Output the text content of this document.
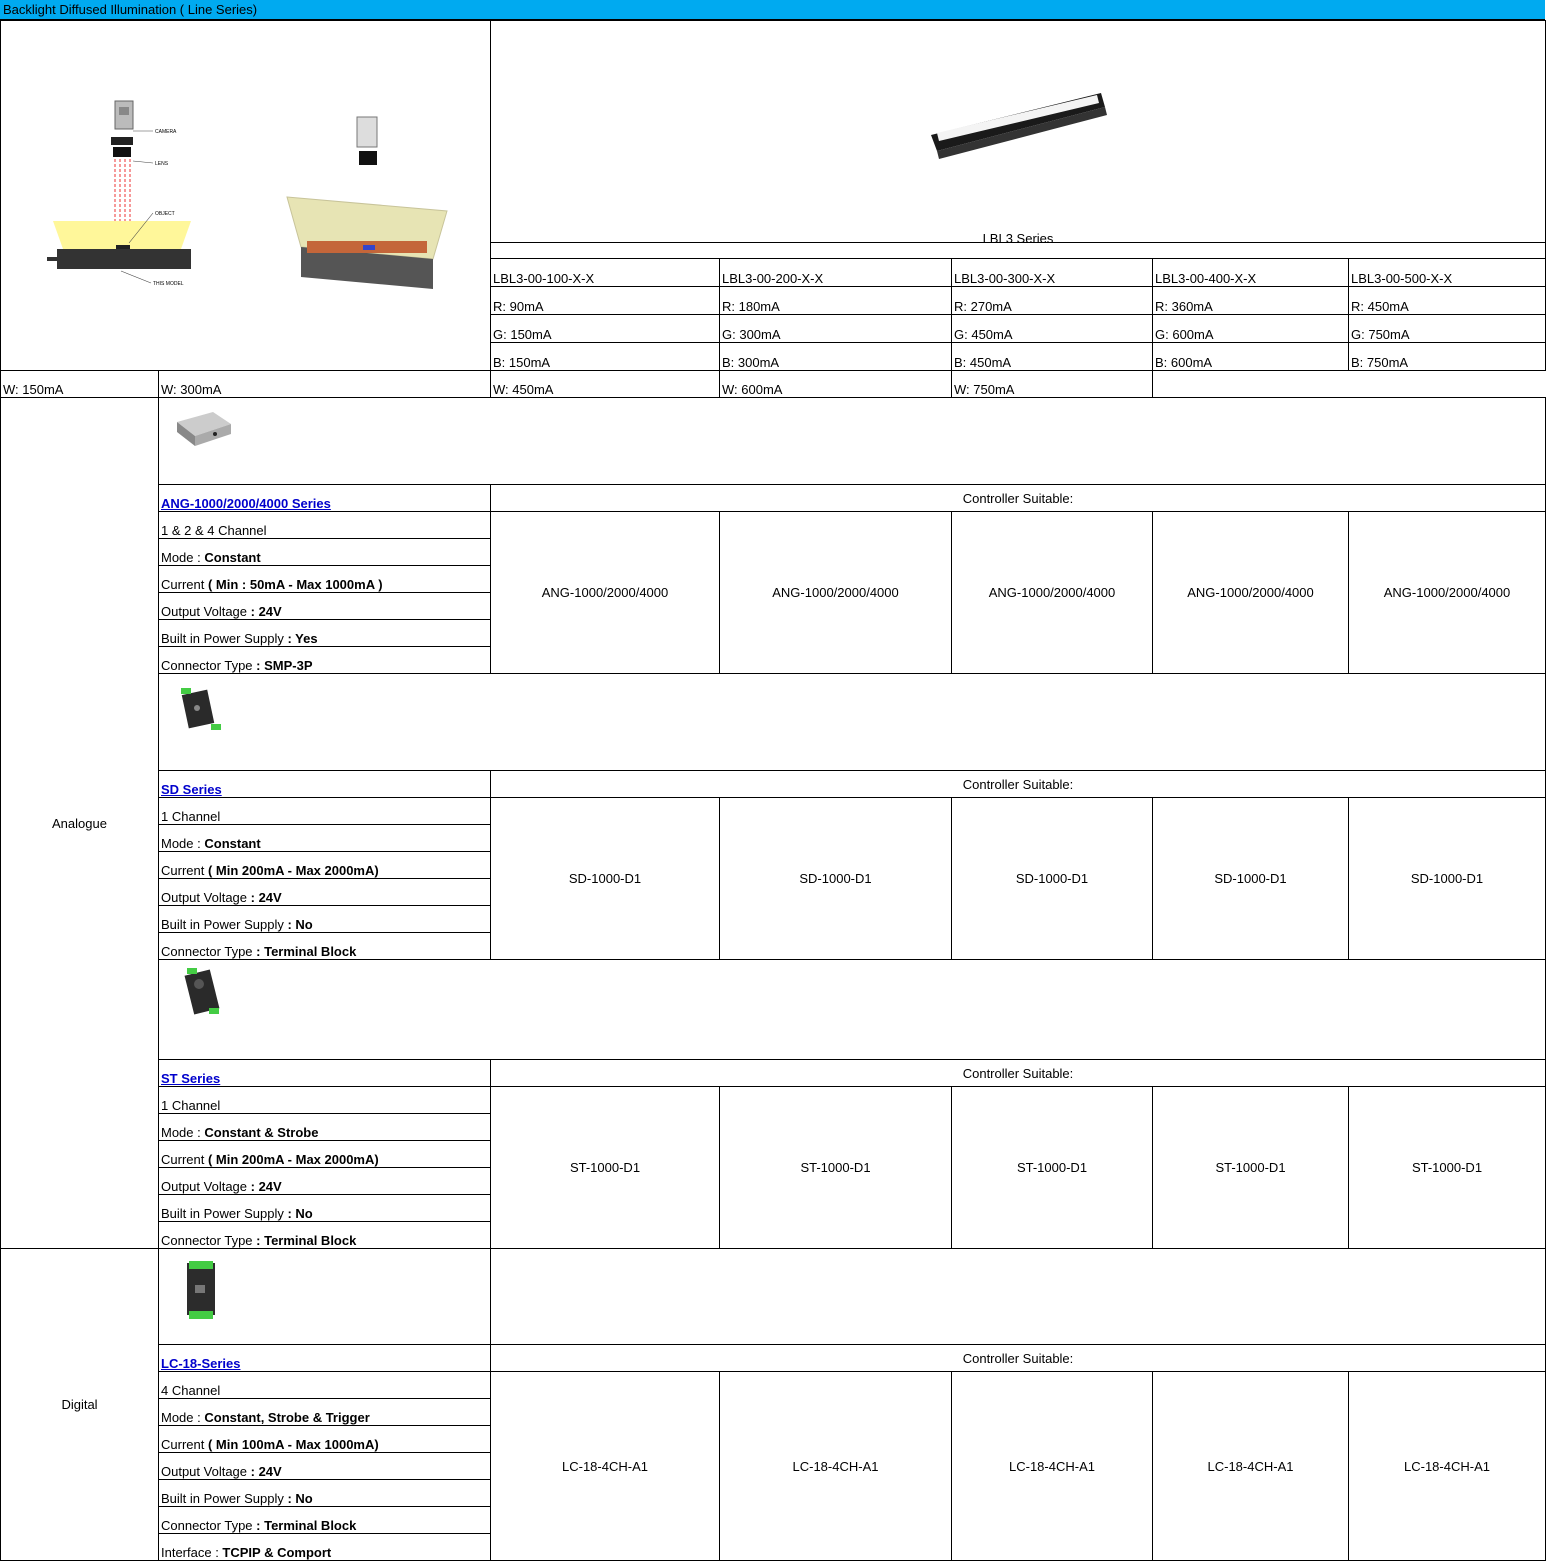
Backlight Diffused Illumination ( Line Series)
CAMERA
LENS
OBJECT
THIS MODEL

		LBL3 Series				
		LBL3-00-100-X-X	LBL3-00-200-X-X	LBL3-00-300-X-X	LBL3-00-400-X-X	LBL3-00-500-X-X
		R: 90mA	R: 180mA	R: 270mA	R: 360mA	R: 450mA
		G: 150mA	G: 300mA	G: 450mA	G: 600mA	G: 750mA
		B: 150mA	B: 300mA	B: 450mA	B: 600mA	B: 750mA
W: 150mA	W: 300mA	W: 450mA	W: 600mA	W: 750mA		
Analogue	

	ANG-1000/2000/4000 Series	Controller Suitable:				
	1 & 2 & 4 Channel	ANG-1000/2000/4000	ANG-1000/2000/4000	ANG-1000/2000/4000	ANG-1000/2000/4000	ANG-1000/2000/4000
	Mode : Constant					
	Current ( Min : 50mA - Max 1000mA )					
	Output Voltage : 24V					
	Built in Power Supply : Yes					
	Connector Type : SMP-3P					

	SD Series	Controller Suitable:				
	1 Channel	SD-1000-D1	SD-1000-D1	SD-1000-D1	SD-1000-D1	SD-1000-D1
	Mode : Constant					
	Current ( Min 200mA - Max 2000mA)					
	Output Voltage : 24V					
	Built in Power Supply : No					
	Connector Type : Terminal Block					

	ST Series	Controller Suitable:				
	1 Channel	ST-1000-D1	ST-1000-D1	ST-1000-D1	ST-1000-D1	ST-1000-D1
	Mode : Constant & Strobe					
	Current ( Min 200mA - Max 2000mA)					
	Output Voltage : 24V					
	Built in Power Supply : No					
	Connector Type : Terminal Block					
Digital	

	LC-18-Series	Controller Suitable:				
	4 Channel	LC-18-4CH-A1	LC-18-4CH-A1	LC-18-4CH-A1	LC-18-4CH-A1	LC-18-4CH-A1
	Mode : Constant, Strobe & Trigger					
	Current ( Min 100mA - Max 1000mA)					
	Output Voltage : 24V					
	Built in Power Supply : No					
	Connector Type : Terminal Block					
	Interface : TCPIP & Comport					
